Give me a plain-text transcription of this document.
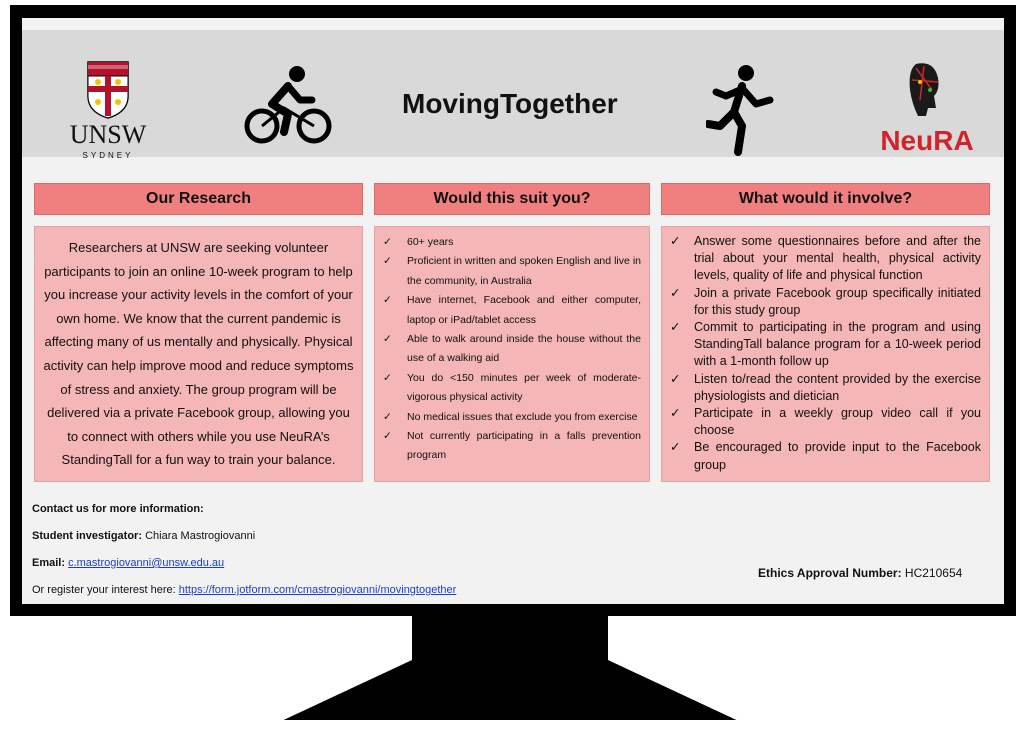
UNSW
SYDNEY
MovingTogether
NeuRA
Our Research	Would this suit you?	What would it involve?
Researchers at UNSW are seeking volunteer participants to join an online 10-week program to help you increase your activity levels in the comfort of your own home. We know that the current pandemic is affecting many of us mentally and physically. Physical activity can help improve mood and reduce symptoms of stress and anxiety. The group program will be delivered via a private Facebook group, allowing you to connect with others while you use NeuRA’s StandingTall for a fun way to train your balance.
✓ 60+ years
✓ Proficient in written and spoken English and live in the community, in Australia
✓ Have internet, Facebook and either computer, laptop or iPad/tablet access
✓ Able to walk around inside the house without the use of a walking aid
✓ You do <150 minutes per week of moderate-vigorous physical activity
✓ No medical issues that exclude you from exercise
✓ Not currently participating in a falls prevention program
✓ Answer some questionnaires before and after the trial about your mental health, physical activity levels, quality of life and physical function
✓ Join a private Facebook group specifically initiated for this study group
✓ Commit to participating in the program and using StandingTall balance program for a 10-week period with a 1-month follow up
✓ Listen to/read the content provided by the exercise physiologists and dietician
✓ Participate in a weekly group video call if you choose
✓ Be encouraged to provide input to the Facebook group
Contact us for more information:
Student investigator: Chiara Mastrogiovanni
Email: c.mastrogiovanni@unsw.edu.au
Or register your interest here: https://form.jotform.com/cmastrogiovanni/movingtogether
Ethics Approval Number: HC210654
